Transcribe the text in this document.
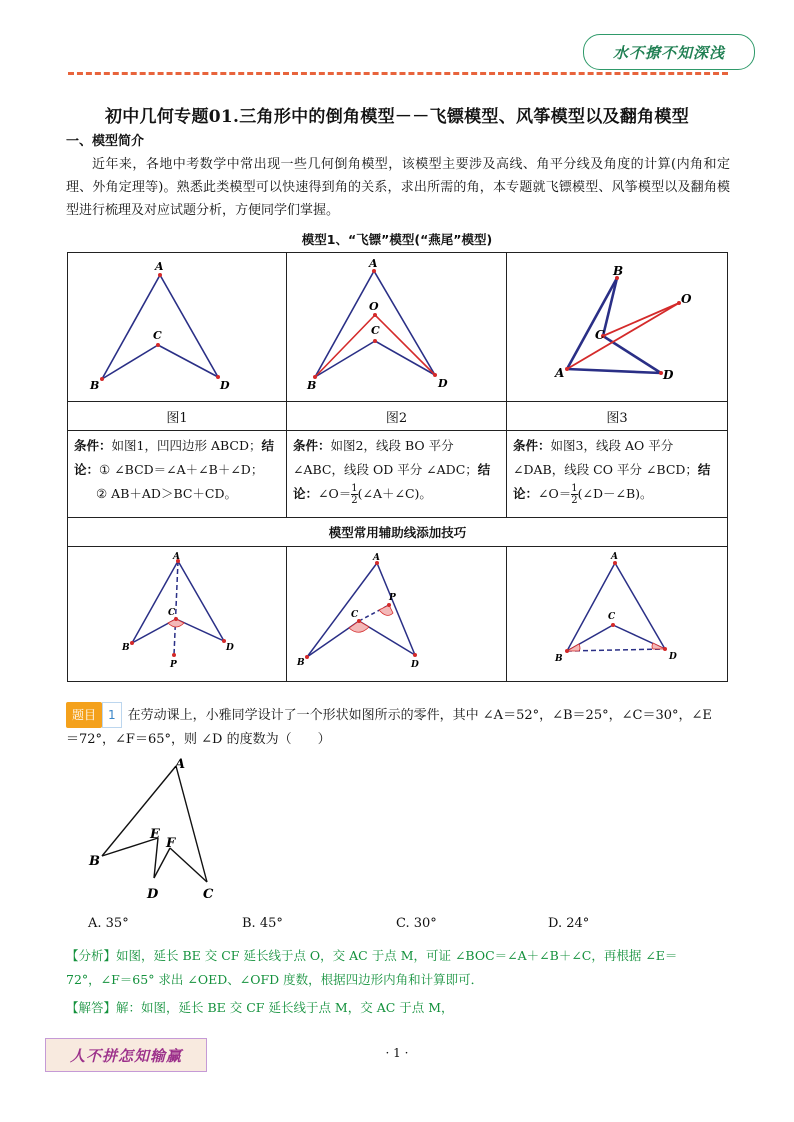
水不撩不知深浅
初中几何专题01.三角形中的倒角模型－－飞镖模型、风筝模型以及翻角模型
一、模型简介
近年来，各地中考数学中常出现一些几何倒角模型，该模型主要涉及高线、角平分线及角度的计算(内角和定理、外角定理等)。熟悉此类模型可以快速得到角的关系，求出所需的角，本专题就飞镖模型、风筝模型以及翻角模型进行梳理及对应试题分析，方便同学们掌握。
模型1、“飞镖”模型(“燕尾”模型)
A
B
C
D	A
O
C
B D	B
O
C
A D

图1	图2	图3
条件：如图1，凹四边形 ABCD；结论：① ∠BCD＝∠A＋∠B＋∠D；
② AB＋AD＞BC＋CD。	条件：如图2，线段 BO 平分 ∠ABC，线段 OD 平分 ∠ADC；结论：∠O＝ $\frac{1}{2}$ (∠A＋∠C)。	条件：如图3，线段 AO 平分 ∠DAB，线段 CO 平分 ∠BCD；结论：∠O＝ $\frac{1}{2}$ (∠D－∠B)。
模型常用辅助线添加技巧		

A
C
B D
P	A
C
P
B D	A
C
B D
题目 1 在劳动课上，小雅同学设计了一个形状如图所示的零件，其中 ∠A＝52°，∠B＝25°，∠C＝30°，∠E
＝72°，∠F＝65°，则 ∠D 的度数为（　　）
A
B
E
F
D	C
A. 35°	B. 45°	C. 30°	D. 24°
【分析】如图，延长 BE 交 CF 延长线于点 O，交 AC 于点 M，可证 ∠BOC＝∠A＋∠B＋∠C，再根据 ∠E＝
72°，∠F＝65° 求出 ∠OED、∠OFD 度数，根据四边形内角和计算即可．
【解答】解：如图，延长 BE 交 CF 延长线于点 M，交 AC 于点 M，
人不拼怎知输赢	· 1 ·
